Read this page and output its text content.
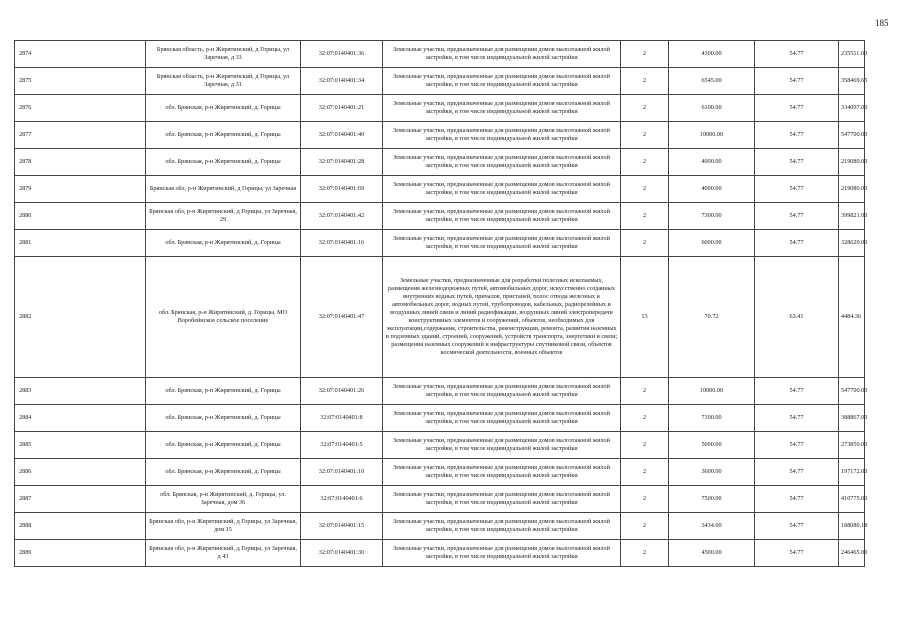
185
2874	Брянская область, р-н Жирятинский, д Горицы, ул Заречная, д 33	32:07:0140401:36	Земельные участки, предназначенные для размещения домов малоэтажной жилой застройки, в том числе индивидуальной жилой застройки	2	4300.00	54.77	235511.00
2875	Брянская область, р-н Жирятинский, д Горицы, ул Заречная, д 31	32:07:0140401:34	Земельные участки, предназначенные для размещения домов малоэтажной жилой застройки, в том числе индивидуальной жилой застройки	2	6545.00	54.77	358469.65
2876	обл. Брянская, р-н Жирятинский, д. Горицы	32:07:0140401:21	Земельные участки, предназначенные для размещения домов малоэтажной жилой застройки, в том числе индивидуальной жилой застройки	2	6100.00	54.77	334097.00
2877	обл. Брянская, р-н Жирятинский, д. Горицы	32:07:0140401:40	Земельные участки, предназначенные для размещения домов малоэтажной жилой застройки, в том числе индивидуальной жилой застройки	2	10000.00	54.77	547700.00
2878	обл. Брянская, р-н Жирятинский, д. Горицы	32:07:0140401:28	Земельные участки, предназначенные для размещения домов малоэтажной жилой застройки, в том числе индивидуальной жилой застройки	2	4000.00	54.77	219080.00
2879	Брянская обл, р-н Жирятинский, д Горицы, ул Заречная	32:07:0140401:69	Земельные участки, предназначенные для размещения домов малоэтажной жилой застройки, в том числе индивидуальной жилой застройки	2	4000.00	54.77	219080.00
2880	Брянская обл, р-н Жирятинский, д Горицы, ул Заречная, 29	32:07:0140401:42	Земельные участки, предназначенные для размещения домов малоэтажной жилой застройки, в том числе индивидуальной жилой застройки	2	7300.00	54.77	399821.00
2881	обл. Брянская, р-н Жирятинский, д. Горицы	32:07:0140401:16	Земельные участки, предназначенные для размещения домов малоэтажной жилой застройки, в том числе индивидуальной жилой застройки	2	6000.00	54.77	328620.00
2882	обл. Брянская, р-н Жирятинский, д. Горицы, МО Воробейнское сельское поселение	32:07:0140401:47	Земельные участки, предназначенные для разработки полезных ископаемых, размещения железнодорожных путей, автомобильных дорог, искусственно созданных внутренних водных путей, причалов, пристаней, полос отвода железных и автомобильных дорог, водных путей, трубопроводов, кабельных, радиорелейных и воздушных линий связи и линий радиофикации, воздушных линий электропередачи конструктивных элементов и сооружений, объектов, необходимых для эксплуатации,содержания, строительства, реконструкции, ремонта, развития наземных и подземных зданий, строений, сооружений, устройств транспорта, энергетики и связи; размещения наземных сооружений и инфраструктуры спутниковой связи, объектов космической деятельности, военных объектов	13	70.72	63.41	4484.36
2883	обл. Брянская, р-н Жирятинский, д. Горицы	32:07:0140401:26	Земельные участки, предназначенные для размещения домов малоэтажной жилой застройки, в том числе индивидуальной жилой застройки	2	10000.00	54.77	547700.00
2884	обл. Брянская, р-н Жирятинский, д. Горицы	32:07:0140401:8	Земельные участки, предназначенные для размещения домов малоэтажной жилой застройки, в том числе индивидуальной жилой застройки	2	7100.00	54.77	388867.00
2885	обл. Брянская, р-н Жирятинский, д. Горицы	32:07:0140401:5	Земельные участки, предназначенные для размещения домов малоэтажной жилой застройки, в том числе индивидуальной жилой застройки	2	5000.00	54.77	273850.00
2886	обл. Брянская, р-н Жирятинский, д. Горицы	32:07:0140401:10	Земельные участки, предназначенные для размещения домов малоэтажной жилой застройки, в том числе индивидуальной жилой застройки	2	3600.00	54.77	197172.00
2887	обл. Брянская, р-н Жирятинский, д. Горицы, ул. Заречная, дом 36	32:07:0140401:6	Земельные участки, предназначенные для размещения домов малоэтажной жилой застройки, в том числе индивидуальной жилой застройки	2	7500.00	54.77	410775.00
2888	Брянская обл, р-н Жирятинский, д Горицы, ул Заречная, дом 15	32:07:0140401:15	Земельные участки, предназначенные для размещения домов малоэтажной жилой застройки, в том числе индивидуальной жилой застройки	2	3434.00	54.77	188080.18
2889	Брянская обл, р-н Жирятинский, д Горицы, ул Заречная, д 43	32:07:0140401:30	Земельные участки, предназначенные для размещения домов малоэтажной жилой застройки, в том числе индивидуальной жилой застройки	2	4500.00	54.77	246465.00
